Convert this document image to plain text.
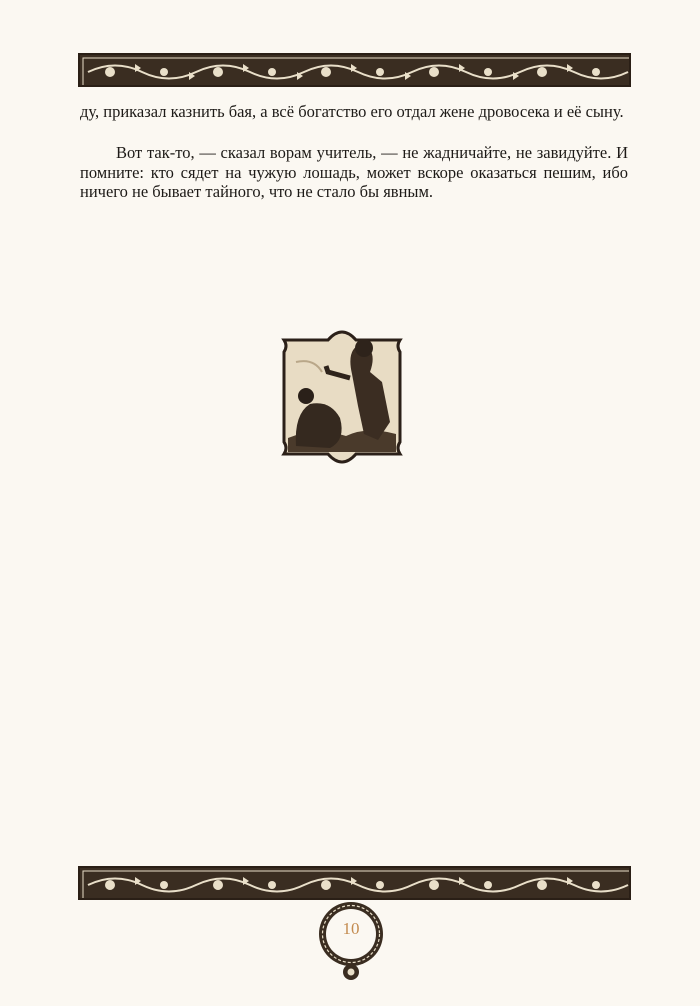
ду, приказал казнить бая, а всё богатство его отдал жене дровосека и её сыну.

Вот так-то, — сказал ворам учитель, — не жадничайте, не завидуйте. И помните: кто сядет на чужую лошадь, может вскоре оказаться пешим, ибо ничего не бывает тайного, что не стало бы явным.

10
